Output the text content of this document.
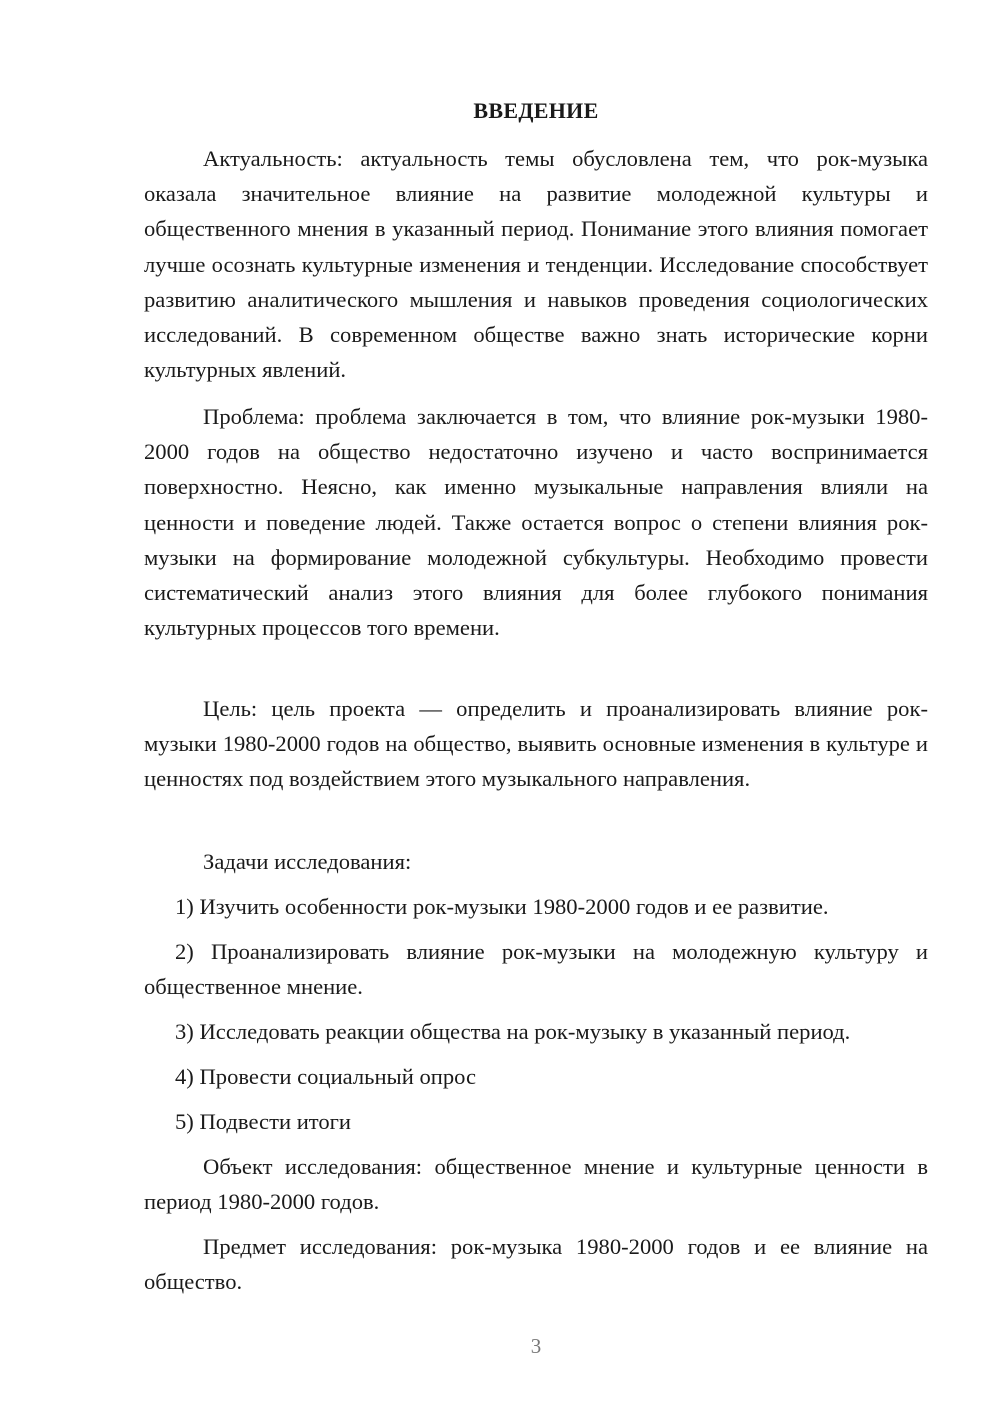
ВВЕДЕНИЕ

Актуальность: актуальность темы обусловлена тем, что рок-музыка оказала значительное влияние на развитие молодежной культуры и общественного мнения в указанный период. Понимание этого влияния помогает лучше осознать культурные изменения и тенденции. Исследование способствует развитию аналитического мышления и навыков проведения социологических исследований. В современном обществе важно знать исторические корни культурных явлений.

Проблема: проблема заключается в том, что влияние рок-музыки 1980-2000 годов на общество недостаточно изучено и часто воспринимается поверхностно. Неясно, как именно музыкальные направления влияли на ценности и поведение людей. Также остается вопрос о степени влияния рок-музыки на формирование молодежной субкультуры. Необходимо провести систематический анализ этого влияния для более глубокого понимания культурных процессов того времени.

Цель: цель проекта — определить и проанализировать влияние рок-музыки 1980-2000 годов на общество, выявить основные изменения в культуре и ценностях под воздействием этого музыкального направления.

Задачи исследования:

1) Изучить особенности рок-музыки 1980-2000 годов и ее развитие.

2) Проанализировать влияние рок-музыки на молодежную культуру и общественное мнение.

3) Исследовать реакции общества на рок-музыку в указанный период.

4) Провести социальный опрос

5) Подвести итоги

Объект исследования: общественное мнение и культурные ценности в период 1980-2000 годов.

Предмет исследования: рок-музыка 1980-2000 годов и ее влияние на общество.

3
